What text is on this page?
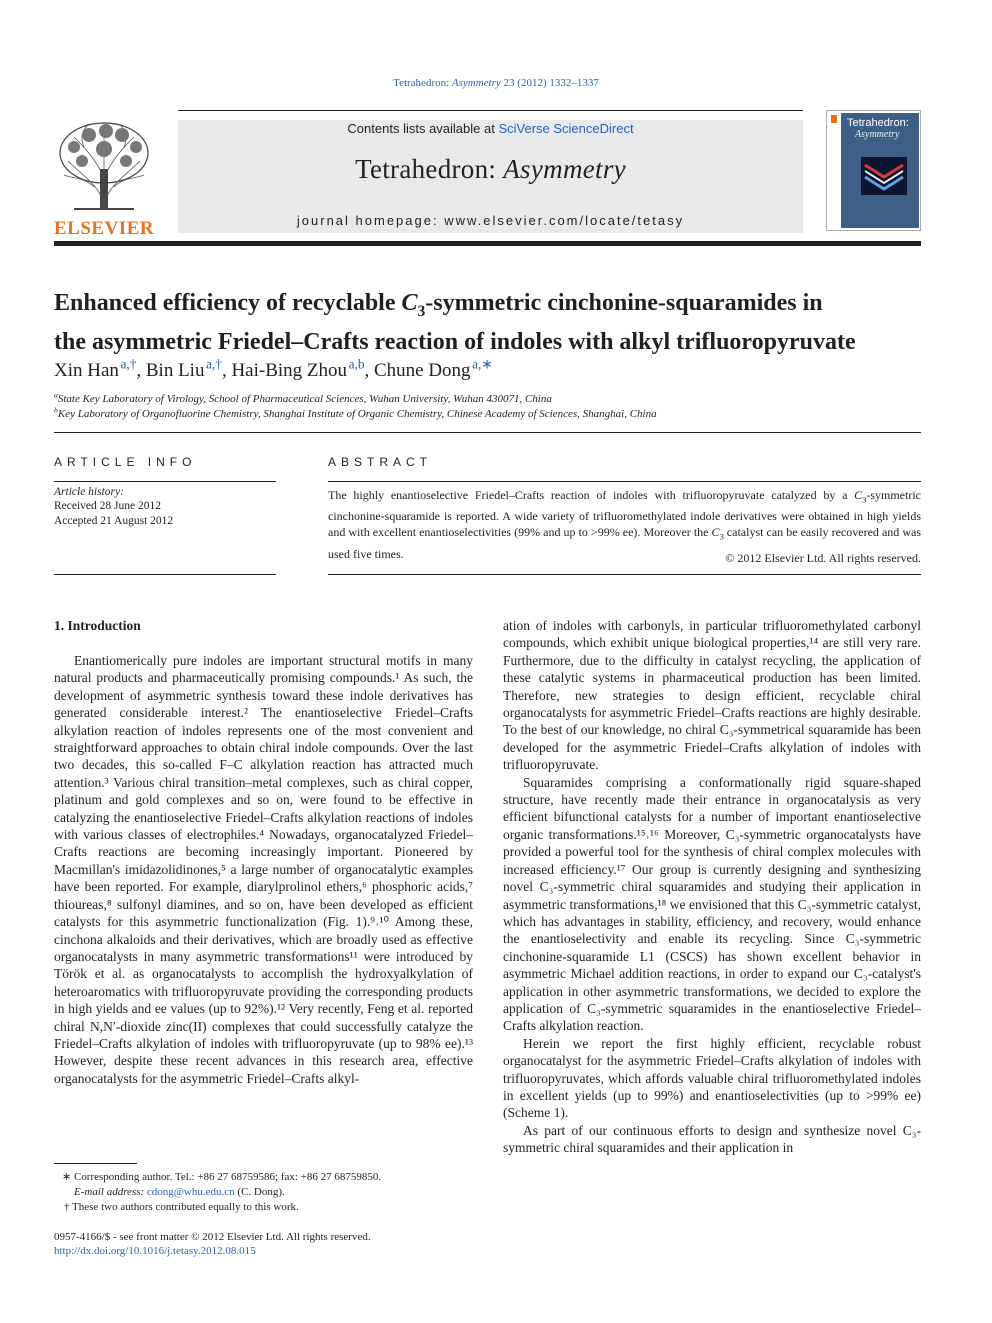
Tetrahedron: Asymmetry 23 (2012) 1332–1337
ELSEVIER
Contents lists available at SciVerse ScienceDirect
Tetrahedron: Asymmetry
journal homepage: www.elsevier.com/locate/tetasy
Tetrahedron:
Asymmetry
Enhanced efficiency of recyclable $C_3$-symmetric cinchonine-squaramides in
the asymmetric Friedel–Crafts reaction of indoles with alkyl trifluoropyruvate
Xin Han  $^{a,\dagger}$, Bin Liu  $^{a,\dagger}$, Hai-Bing Zhou  $^{a,b}$, Chune Dong  $^{a,∗}$
$^a$State Key Laboratory of Virology, School of Pharmaceutical Sciences, Wuhan University, Wuhan 430071, China
$^b$Key Laboratory of Organofluorine Chemistry, Shanghai Institute of Organic Chemistry, Chinese Academy of Sciences, Shanghai, China
ARTICLE INFO
Article history:
Received 28 June 2012
Accepted 21 August 2012
ABSTRACT
The highly enantioselective Friedel–Crafts reaction of indoles with trifluoropyruvate catalyzed by a $C_3$-symmetric cinchonine-squaramide is reported. A wide variety of trifluoromethylated indole derivatives were obtained in high yields and with excellent enantioselectivities (99% and up to >99% ee). Moreover the $C_3$ catalyst can be easily recovered and was used five times.	© 2012 Elsevier Ltd. All rights reserved.
1. Introduction

Enantiomerically pure indoles are important structural motifs in many natural products and pharmaceutically promising compounds.¹ As such, the development of asymmetric synthesis toward these indole derivatives has generated considerable interest.² The enantioselective Friedel–Crafts alkylation reaction of indoles represents one of the most convenient and straightforward approaches to obtain chiral indole compounds. Over the last two decades, this so-called F–C alkylation reaction has attracted much attention.³ Various chiral transition–metal complexes, such as chiral copper, platinum and gold complexes and so on, were found to be effective in catalyzing the enantioselective Friedel–Crafts alkylation reactions of indoles with various classes of electrophiles.⁴ Nowadays, organocatalyzed Friedel–Crafts reactions are becoming increasingly important. Pioneered by Macmillan's imidazolidinones,⁵ a large number of organocatalytic examples have been reported. For example, diarylprolinol ethers,⁶ phosphoric acids,⁷ thioureas,⁸ sulfonyl diamines, and so on, have been developed as efficient catalysts for this asymmetric functionalization (Fig. 1).⁹˒¹⁰ Among these, cinchona alkaloids and their derivatives, which are broadly used as effective organocatalysts in many asymmetric transformations¹¹ were introduced by Török et al. as organocatalysts to accomplish the hydroxyalkylation of heteroaromatics with trifluoropyruvate providing the corresponding products in high yields and ee values (up to 92%).¹² Very recently, Feng et al. reported chiral N,N′-dioxide zinc(II) complexes that could successfully catalyze the Friedel–Crafts alkylation of indoles with trifluoropyruvate (up to 98% ee).¹³ However, despite these recent advances in this research area, effective organocatalysts for the asymmetric Friedel–Crafts alkyl-

ation of indoles with carbonyls, in particular trifluoromethylated carbonyl compounds, which exhibit unique biological properties,¹⁴ are still very rare. Furthermore, due to the difficulty in catalyst recycling, the application of these catalytic systems in pharmaceutical production has been limited. Therefore, new strategies to design efficient, recyclable chiral organocatalysts for asymmetric Friedel–Crafts reactions are highly desirable. To the best of our knowledge, no chiral C₃-symmetrical squaramide has been developed for the asymmetric Friedel–Crafts alkylation of indoles with trifluoropyruvate.

Squaramides comprising a conformationally rigid square-shaped structure, have recently made their entrance in organocatalysis as very efficient bifunctional catalysts for a number of important enantioselective organic transformations.¹⁵˒¹⁶ Moreover, C₃-symmetric organocatalysts have provided a powerful tool for the synthesis of chiral complex molecules with increased efficiency.¹⁷ Our group is currently designing and synthesizing novel C₃-symmetric chiral squaramides and studying their application in asymmetric transformations,¹⁸ we envisioned that this C₃-symmetric catalyst, which has advantages in stability, efficiency, and recovery, would enhance the enantioselectivity and enable its recycling. Since C₃-symmetric cinchonine-squaramide L1 (CSCS) has shown excellent behavior in asymmetric Michael addition reactions, in order to expand our C₃-catalyst's application in other asymmetric transformations, we decided to explore the application of C₃-symmetric squaramides in the enantioselective Friedel–Crafts alkylation reaction.

Herein we report the first highly efficient, recyclable robust organocatalyst for the asymmetric Friedel–Crafts alkylation of indoles with trifluoropyruvates, which affords valuable chiral trifluoromethylated indoles in excellent yields (up to 99%) and enantioselectivities (up to >99% ee) (Scheme 1).

As part of our continuous efforts to design and synthesize novel C₃-symmetric chiral squaramides and their application in

∗ Corresponding author. Tel.: +86 27 68759586; fax: +86 27 68759850.
E-mail address: cdong@whu.edu.cn (C. Dong).
† These two authors contributed equally to this work.
0957-4166/$ - see front matter © 2012 Elsevier Ltd. All rights reserved.
http://dx.doi.org/10.1016/j.tetasy.2012.08.015
